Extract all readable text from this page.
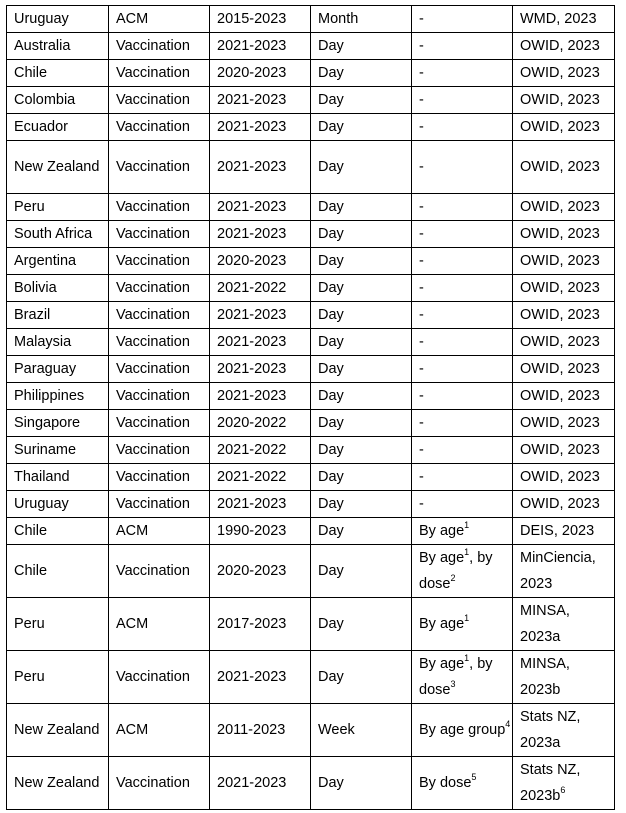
Uruguay	ACM	2015-2023	Month	-	WMD, 2023
Australia	Vaccination	2021-2023	Day	-	OWID, 2023
Chile	Vaccination	2020-2023	Day	-	OWID, 2023
Colombia	Vaccination	2021-2023	Day	-	OWID, 2023
Ecuador	Vaccination	2021-2023	Day	-	OWID, 2023
New Zealand	Vaccination	2021-2023	Day	-	OWID, 2023
Peru	Vaccination	2021-2023	Day	-	OWID, 2023
South Africa	Vaccination	2021-2023	Day	-	OWID, 2023
Argentina	Vaccination	2020-2023	Day	-	OWID, 2023
Bolivia	Vaccination	2021-2022	Day	-	OWID, 2023
Brazil	Vaccination	2021-2023	Day	-	OWID, 2023
Malaysia	Vaccination	2021-2023	Day	-	OWID, 2023
Paraguay	Vaccination	2021-2023	Day	-	OWID, 2023
Philippines	Vaccination	2021-2023	Day	-	OWID, 2023
Singapore	Vaccination	2020-2022	Day	-	OWID, 2023
Suriname	Vaccination	2021-2022	Day	-	OWID, 2023
Thailand	Vaccination	2021-2022	Day	-	OWID, 2023
Uruguay	Vaccination	2021-2023	Day	-	OWID, 2023
Chile	ACM	1990-2023	Day	By age$^1$	DEIS, 2023
Chile	Vaccination	2020-2023	Day	By age$^1$, by dose$^2$	MinCiencia, 2023
Peru	ACM	2017-2023	Day	By age$^1$	MINSA, 2023a
Peru	Vaccination	2021-2023	Day	By age$^1$, by dose$^3$	MINSA, 2023b
New Zealand	ACM	2011-2023	Week	By age group$^4$	Stats NZ, 2023a
New Zealand	Vaccination	2021-2023	Day	By dose$^5$	Stats NZ, $2023b^6$
